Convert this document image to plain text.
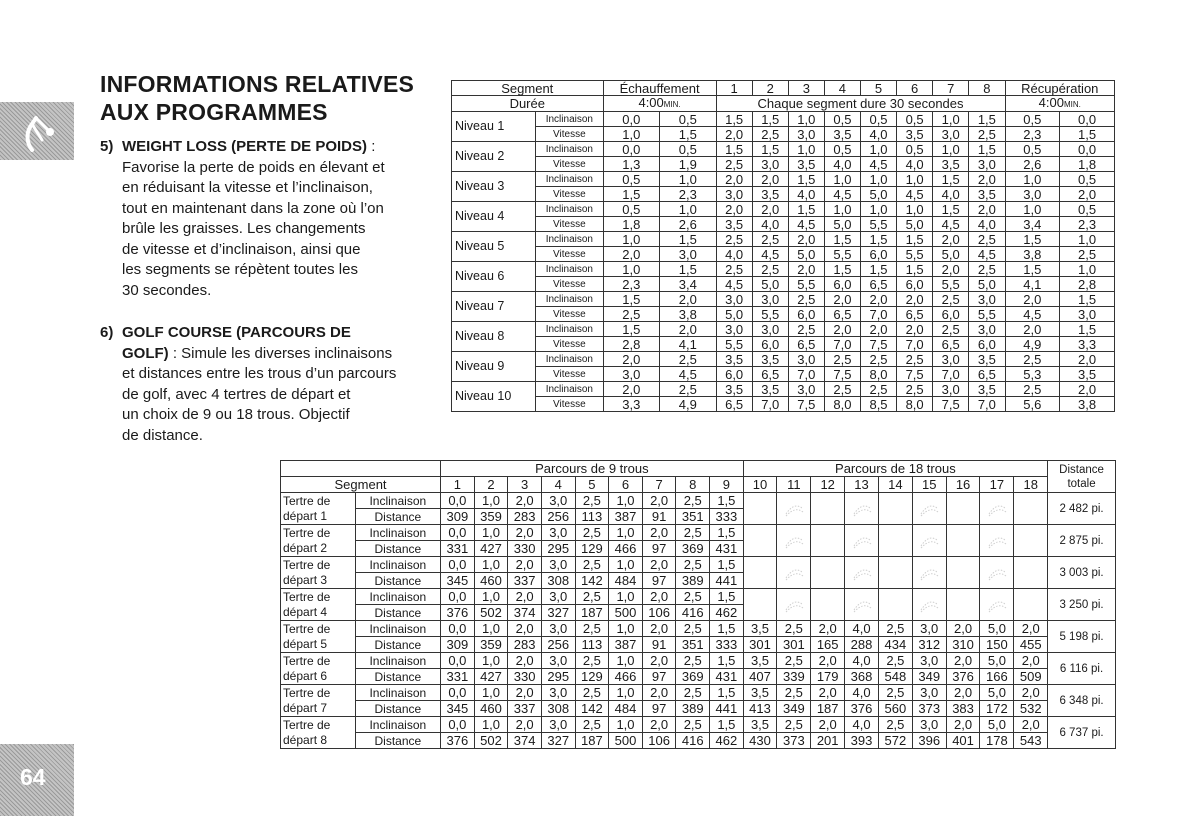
INFORMATIONS RELATIVES
AUX PROGRAMMES
5) WEIGHT LOSS (PERTE DE POIDS) :
Favorise la perte de poids en élevant et
en réduisant la vitesse et l’inclinaison,
tout en maintenant dans la zone où l’on
brûle les graisses. Les changements
de vitesse et d’inclinaison, ainsi que
les segments se répètent toutes les
30 secondes.
6) GOLF COURSE (PARCOURS DE
GOLF) : Simule les diverses inclinaisons
et distances entre les trous d’un parcours
de golf, avec 4 tertres de départ et
un choix de 9 ou 18 trous. Objectif
de distance.
Segment		Échauffement		1	2	3	4	5	6	7	8	Récupération	
Durée		4:00MIN.		Chaque segment dure 30 secondes								4:00MIN.	
Niveau 1	Inclinaison	0,0	0,5	1,5	1,5	1,0	0,5	0,5	0,5	1,0	1,5	0,5	0,0
	Vitesse	1,0	1,5	2,0	2,5	3,0	3,5	4,0	3,5	3,0	2,5	2,3	1,5
Niveau 2	Inclinaison	0,0	0,5	1,5	1,5	1,0	0,5	1,0	0,5	1,0	1,5	0,5	0,0
	Vitesse	1,3	1,9	2,5	3,0	3,5	4,0	4,5	4,0	3,5	3,0	2,6	1,8
Niveau 3	Inclinaison	0,5	1,0	2,0	2,0	1,5	1,0	1,0	1,0	1,5	2,0	1,0	0,5
	Vitesse	1,5	2,3	3,0	3,5	4,0	4,5	5,0	4,5	4,0	3,5	3,0	2,0
Niveau 4	Inclinaison	0,5	1,0	2,0	2,0	1,5	1,0	1,0	1,0	1,5	2,0	1,0	0,5
	Vitesse	1,8	2,6	3,5	4,0	4,5	5,0	5,5	5,0	4,5	4,0	3,4	2,3
Niveau 5	Inclinaison	1,0	1,5	2,5	2,5	2,0	1,5	1,5	1,5	2,0	2,5	1,5	1,0
	Vitesse	2,0	3,0	4,0	4,5	5,0	5,5	6,0	5,5	5,0	4,5	3,8	2,5
Niveau 6	Inclinaison	1,0	1,5	2,5	2,5	2,0	1,5	1,5	1,5	2,0	2,5	1,5	1,0
	Vitesse	2,3	3,4	4,5	5,0	5,5	6,0	6,5	6,0	5,5	5,0	4,1	2,8
Niveau 7	Inclinaison	1,5	2,0	3,0	3,0	2,5	2,0	2,0	2,0	2,5	3,0	2,0	1,5
	Vitesse	2,5	3,8	5,0	5,5	6,0	6,5	7,0	6,5	6,0	5,5	4,5	3,0
Niveau 8	Inclinaison	1,5	2,0	3,0	3,0	2,5	2,0	2,0	2,0	2,5	3,0	2,0	1,5
	Vitesse	2,8	4,1	5,5	6,0	6,5	7,0	7,5	7,0	6,5	6,0	4,9	3,3
Niveau 9	Inclinaison	2,0	2,5	3,5	3,5	3,0	2,5	2,5	2,5	3,0	3,5	2,5	2,0
	Vitesse	3,0	4,5	6,0	6,5	7,0	7,5	8,0	7,5	7,0	6,5	5,3	3,5
Niveau 10	Inclinaison	2,0	2,5	3,5	3,5	3,0	2,5	2,5	2,5	3,0	3,5	2,5	2,0
	Vitesse	3,3	4,9	6,5	7,0	7,5	8,0	8,5	8,0	7,5	7,0	5,6	3,8
		Parcours de 9 trous									Parcours de 18 trous									Distance
totale
Segment		1	2	3	4	5	6	7	8	9	10	11	12	13	14	15	16	17	18	
Tertre de	Inclinaison	0,0	1,0	2,0	3,0	2,5	1,0	2,0	2,5	1,5										2 482 pi.
départ 1	Distance	309	359	283	256	113	387	91	351	333										
Tertre de	Inclinaison	0,0	1,0	2,0	3,0	2,5	1,0	2,0	2,5	1,5										2 875 pi.
départ 2	Distance	331	427	330	295	129	466	97	369	431										
Tertre de	Inclinaison	0,0	1,0	2,0	3,0	2,5	1,0	2,0	2,5	1,5										3 003 pi.
départ 3	Distance	345	460	337	308	142	484	97	389	441										
Tertre de	Inclinaison	0,0	1,0	2,0	3,0	2,5	1,0	2,0	2,5	1,5										3 250 pi.
départ 4	Distance	376	502	374	327	187	500	106	416	462										
Tertre de	Inclinaison	0,0	1,0	2,0	3,0	2,5	1,0	2,0	2,5	1,5	3,5	2,5	2,0	4,0	2,5	3,0	2,0	5,0	2,0	5 198 pi.
départ 5	Distance	309	359	283	256	113	387	91	351	333	301	301	165	288	434	312	310	150	455	
Tertre de	Inclinaison	0,0	1,0	2,0	3,0	2,5	1,0	2,0	2,5	1,5	3,5	2,5	2,0	4,0	2,5	3,0	2,0	5,0	2,0	6 116 pi.
départ 6	Distance	331	427	330	295	129	466	97	369	431	407	339	179	368	548	349	376	166	509	
Tertre de	Inclinaison	0,0	1,0	2,0	3,0	2,5	1,0	2,0	2,5	1,5	3,5	2,5	2,0	4,0	2,5	3,0	2,0	5,0	2,0	6 348 pi.
départ 7	Distance	345	460	337	308	142	484	97	389	441	413	349	187	376	560	373	383	172	532	
Tertre de	Inclinaison	0,0	1,0	2,0	3,0	2,5	1,0	2,0	2,5	1,5	3,5	2,5	2,0	4,0	2,5	3,0	2,0	5,0	2,0	6 737 pi.
départ 8	Distance	376	502	374	327	187	500	106	416	462	430	373	201	393	572	396	401	178	543	
64
